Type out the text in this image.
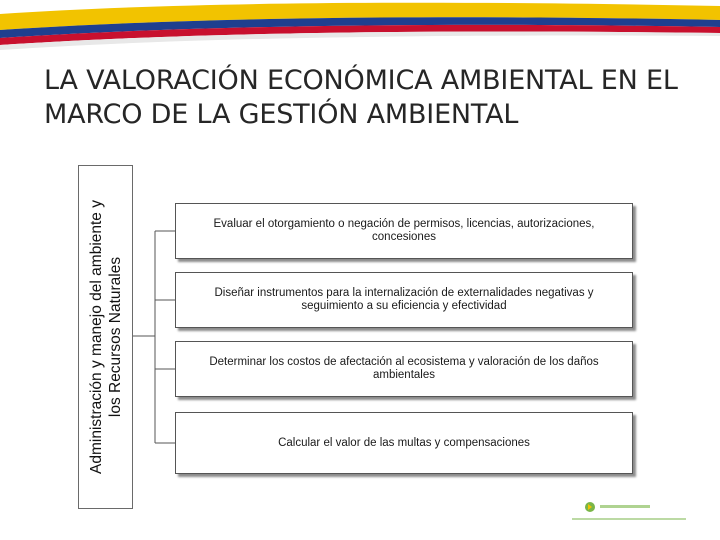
LA VALORACIÓN ECONÓMICA AMBIENTAL EN EL
MARCO DE LA GESTIÓN AMBIENTAL
Administración y manejo del ambiente y los Recursos Naturales
Evaluar el otorgamiento o negación de permisos, licencias, autorizaciones, concesiones
Diseñar instrumentos para la internalización de externalidades negativas y seguimiento a su eficiencia y efectividad
Determinar los costos de afectación al ecosistema y valoración de los daños ambientales
Calcular el valor de las multas y compensaciones
